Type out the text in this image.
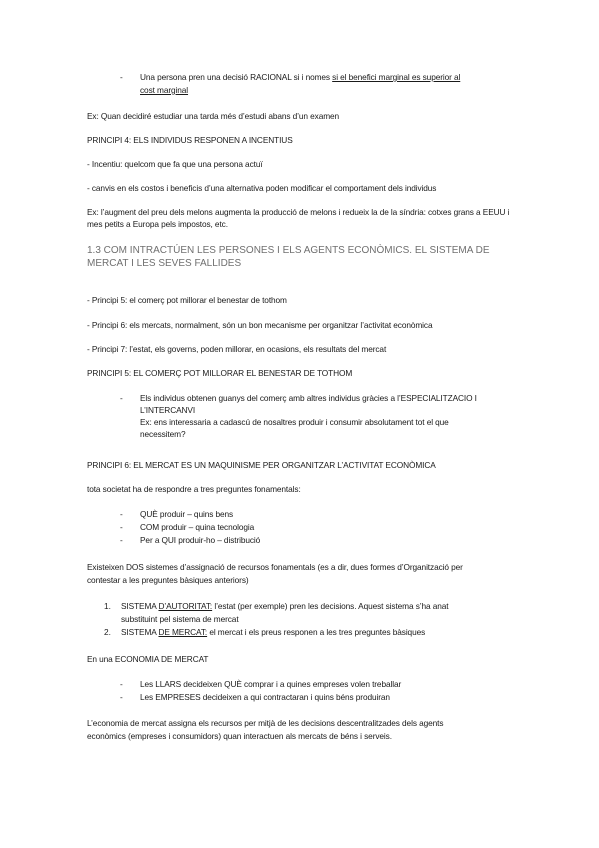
- Una persona pren una decisió RACIONAL si i nomes si el benefici marginal es superior al
cost marginal
Ex: Quan decidiré estudiar una tarda més d’estudi abans d’un examen
PRINCIPI 4: ELS INDIVIDUS RESPONEN A INCENTIUS
- Incentiu: quelcom que fa que una persona actuï
- canvis en els costos i beneficis d’una alternativa poden modificar el comportament dels individus
Ex: l’augment del preu dels melons augmenta la producció de melons i redueix la de la síndria: cotxes grans a EEUU i mes petits a Europa pels impostos, etc.
1.3 COM INTRACTÚEN LES PERSONES I ELS AGENTS ECONÒMICS. EL SISTEMA DE MERCAT I LES SEVES FALLIDES
- Principi 5: el comerç pot millorar el benestar de tothom
- Principi 6: els mercats, normalment, són un bon mecanisme per organitzar l’activitat econòmica
- Principi 7: l’estat, els governs, poden millorar, en ocasions, els resultats del mercat
PRINCIPI 5: EL COMERÇ POT MILLORAR EL BENESTAR DE TOTHOM
- Els individus obtenen guanys del comerç amb altres individus gràcies a l’ESPECIALITZACIO I
L’INTERCANVI
Ex: ens interessaria a cadascú de nosaltres produir i consumir absolutament tot el que
necessitem?
PRINCIPI 6: EL MERCAT ES UN MAQUINISME PER ORGANITZAR L’ACTIVITAT ECONÒMICA
tota societat ha de respondre a tres preguntes fonamentals:
- QUÈ produir – quins bens
- COM produir – quina tecnologia
- Per a QUI produir-ho – distribució
Existeixen DOS sistemes d’assignació de recursos fonamentals (es a dir, dues formes d’Organització per
contestar a les preguntes bàsiques anteriors)
1. SISTEMA D’AUTORITAT: l’estat (per exemple) pren les decisions. Aquest sistema s’ha anat
substituint pel sistema de mercat
2. SISTEMA DE MERCAT: el mercat i els preus responen a les tres preguntes bàsiques
En una ECONOMIA DE MERCAT
- Les LLARS decideixen QUÈ comprar i a quines empreses volen treballar
- Les EMPRESES decideixen a qui contractaran i quins béns produiran
L’economia de mercat assigna els recursos per mitjà de les decisions descentralitzades dels agents
econòmics (empreses i consumidors) quan interactuen als mercats de béns i serveis.
